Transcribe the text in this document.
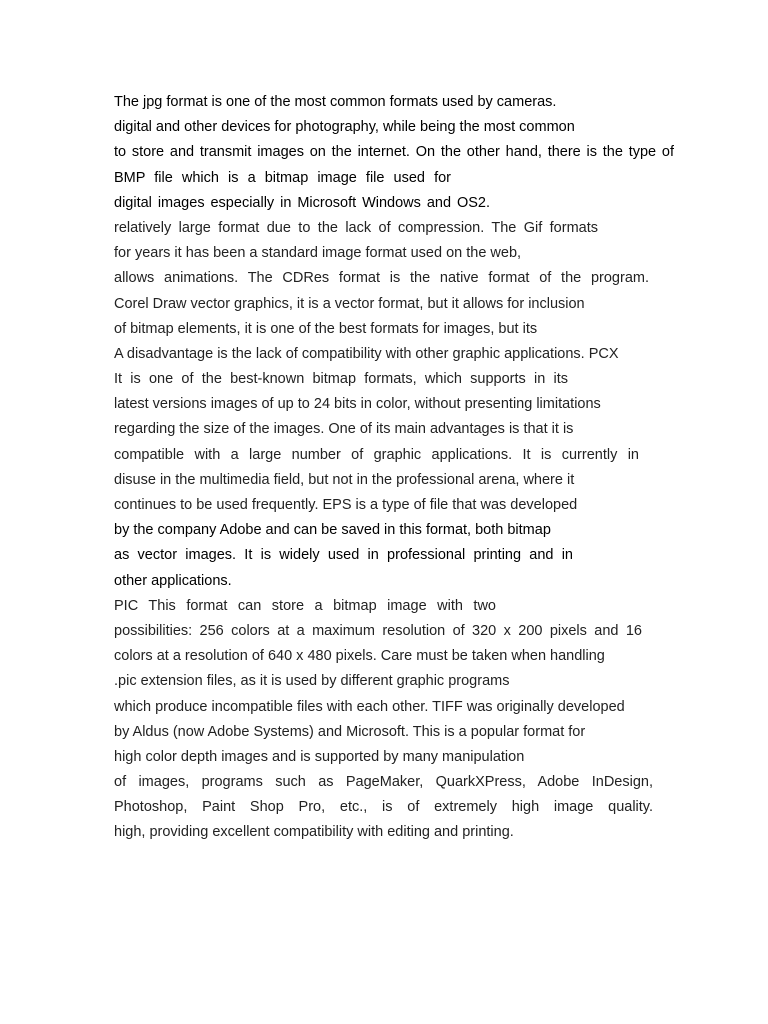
The jpg format is one of the most common formats used by cameras.
digital and other devices for photography, while being the most common
to store and transmit images on the internet. On the other hand, there is the type of
BMP file which is a bitmap image file used for
digital images especially in Microsoft Windows and OS2.
relatively large format due to the lack of compression. The Gif formats
for years it has been a standard image format used on the web,
allows animations. The CDRes format is the native format of the program.
Corel Draw vector graphics, it is a vector format, but it allows for inclusion
of bitmap elements, it is one of the best formats for images, but its
A disadvantage is the lack of compatibility with other graphic applications. PCX
It is one of the best-known bitmap formats, which supports in its
latest versions images of up to 24 bits in color, without presenting limitations
regarding the size of the images. One of its main advantages is that it is
compatible with a large number of graphic applications. It is currently in
disuse in the multimedia field, but not in the professional arena, where it
continues to be used frequently. EPS is a type of file that was developed
by the company Adobe and can be saved in this format, both bitmap
as vector images. It is widely used in professional printing and in
other applications.
PIC This format can store a bitmap image with two
possibilities: 256 colors at a maximum resolution of 320 x 200 pixels and 16
colors at a resolution of 640 x 480 pixels. Care must be taken when handling
.pic extension files, as it is used by different graphic programs
which produce incompatible files with each other. TIFF was originally developed
by Aldus (now Adobe Systems) and Microsoft. This is a popular format for
high color depth images and is supported by many manipulation
of images, programs such as PageMaker, QuarkXPress, Adobe InDesign,
Photoshop, Paint Shop Pro, etc., is of extremely high image quality.
high, providing excellent compatibility with editing and printing.
